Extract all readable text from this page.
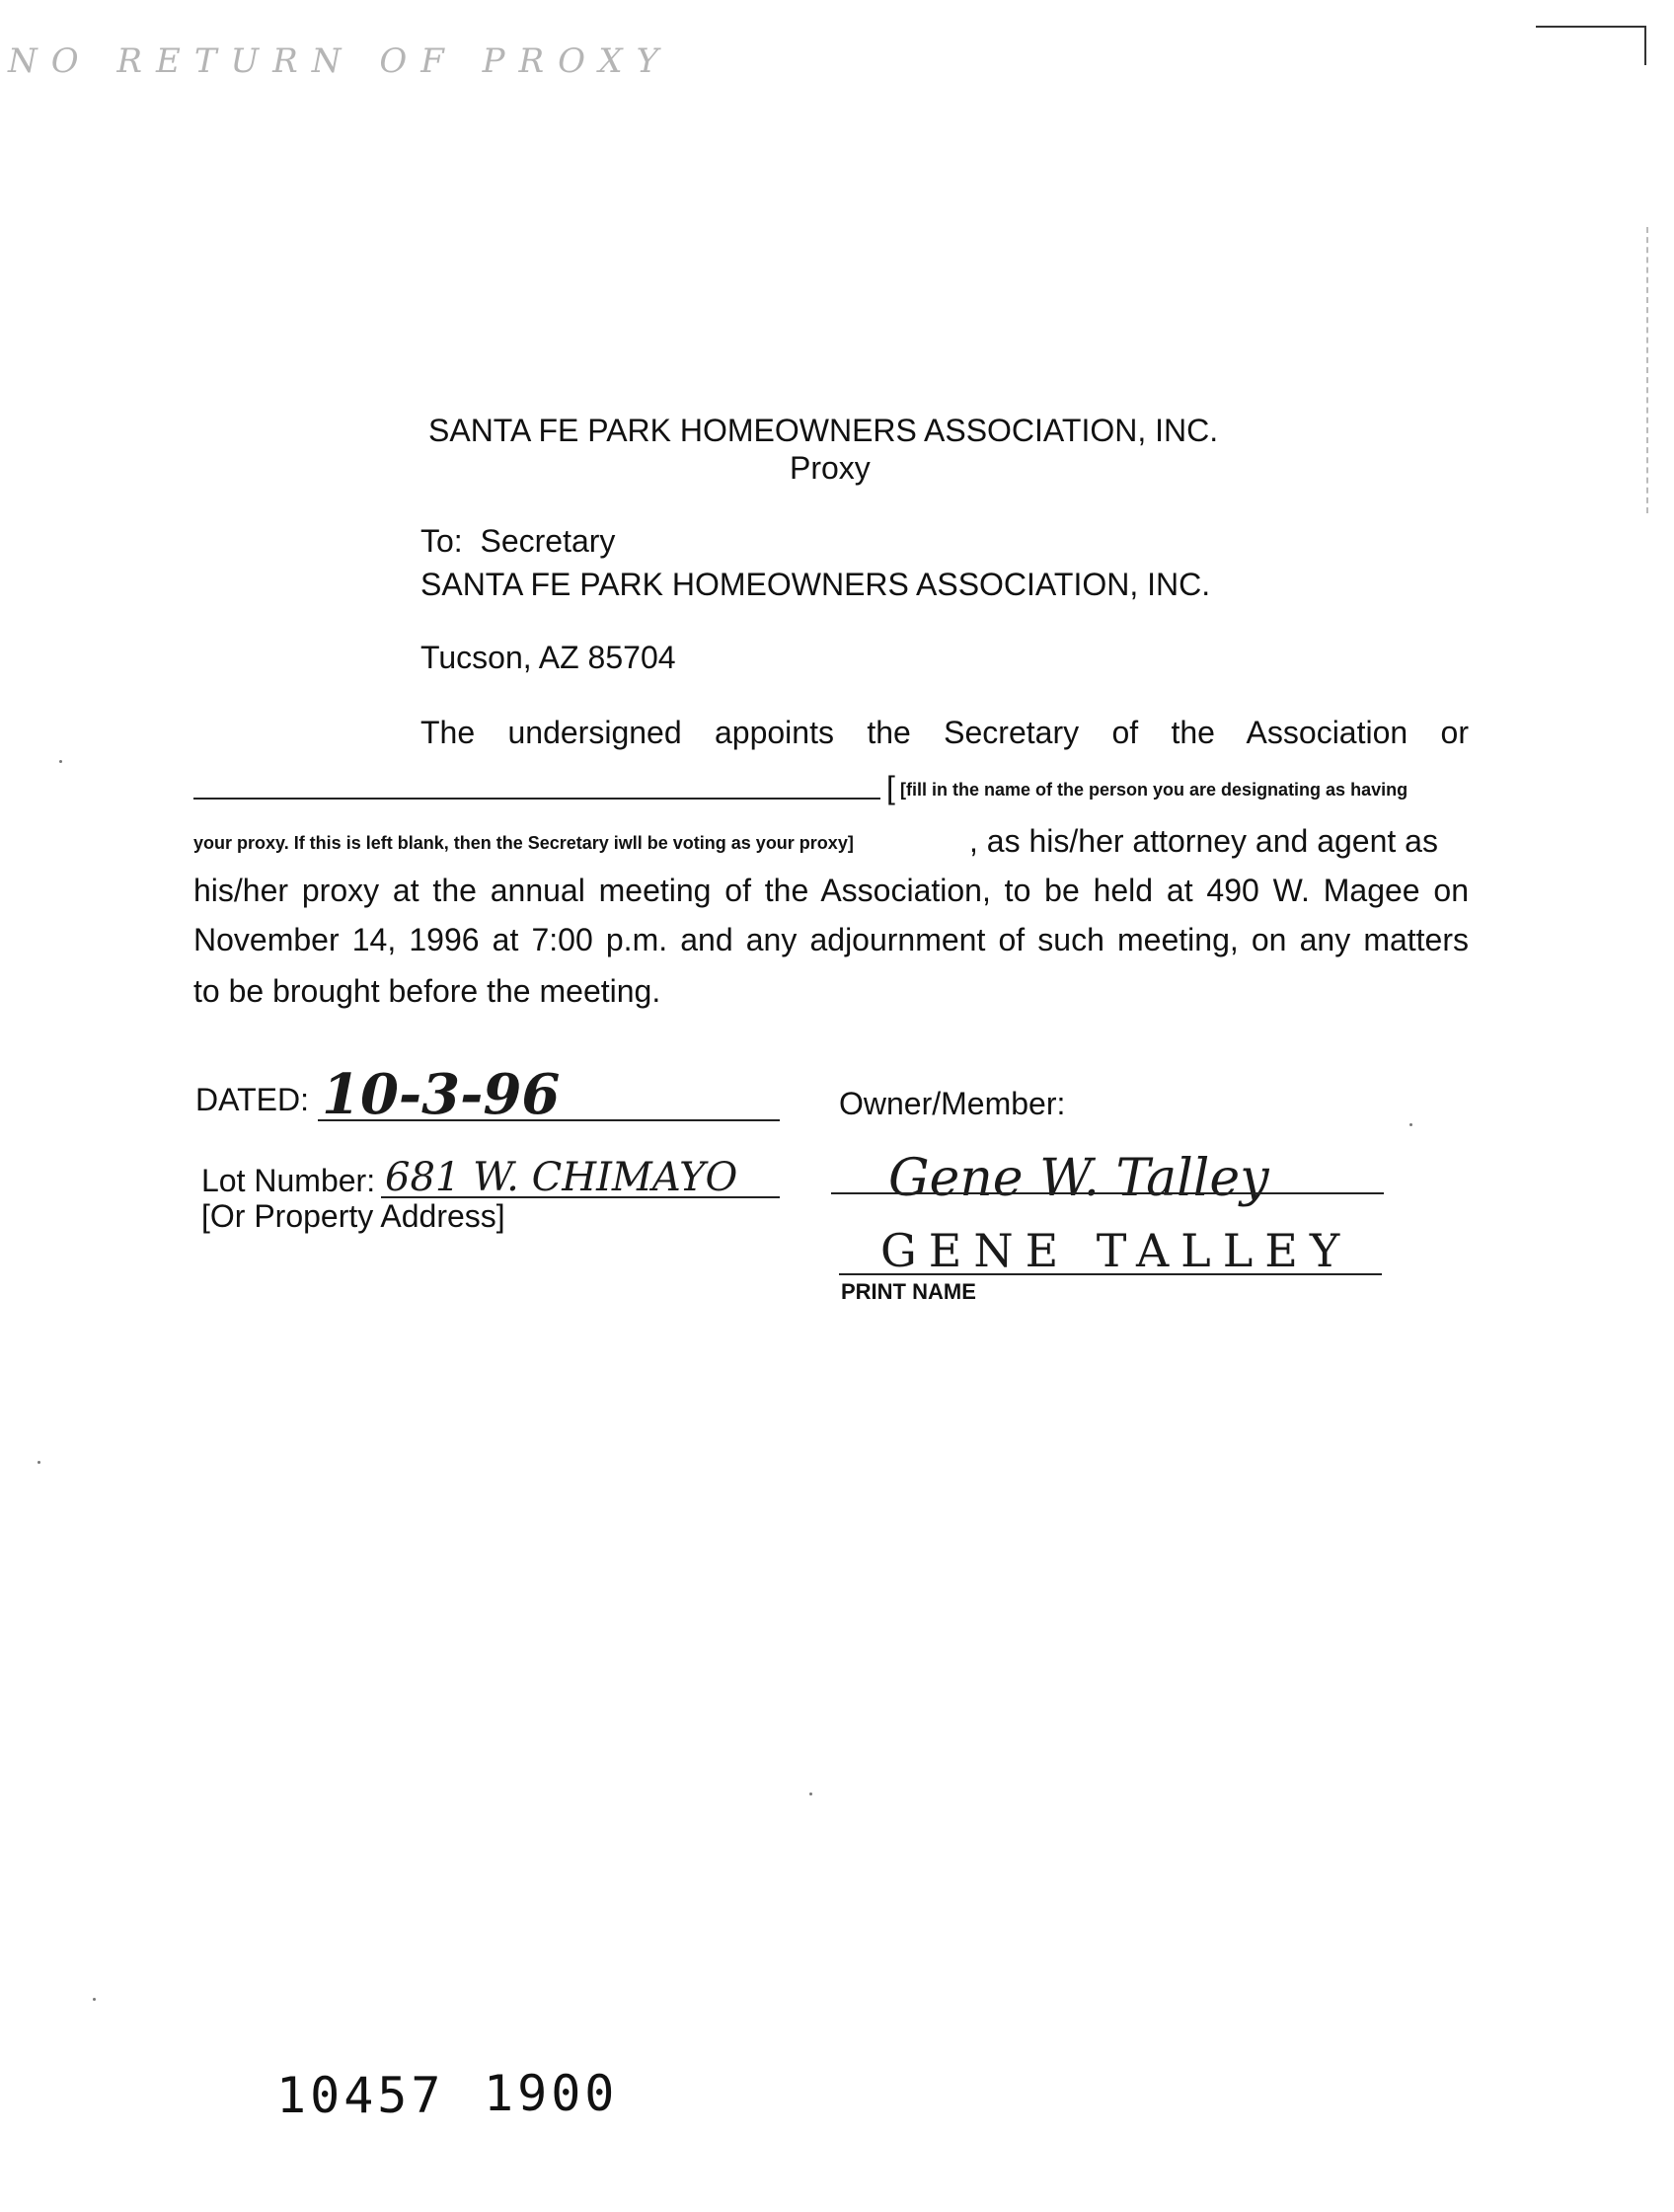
NO RETURN OF PROXY
SANTA FE PARK HOMEOWNERS ASSOCIATION, INC.
Proxy
To:  Secretary
SANTA FE PARK HOMEOWNERS ASSOCIATION, INC.
Tucson, AZ 85704
The undersigned appoints the Secretary of the Association or
[ [fill in the name of the person you are designating as having
your proxy. If this is left blank, then the Secretary iwll be voting as your proxy]	, as his/her attorney and agent as
his/her proxy at the annual meeting of the Association, to be held at 490 W. Magee on
November 14, 1996 at 7:00 p.m. and any adjournment of such meeting, on any matters
to be brought before the meeting.
DATED: 10-3-96
Lot Number: 681 W. CHIMAYO
[Or Property Address]
Owner/Member:
Gene W. Talley
GENE TALLEY
PRINT NAME
10457 1900
